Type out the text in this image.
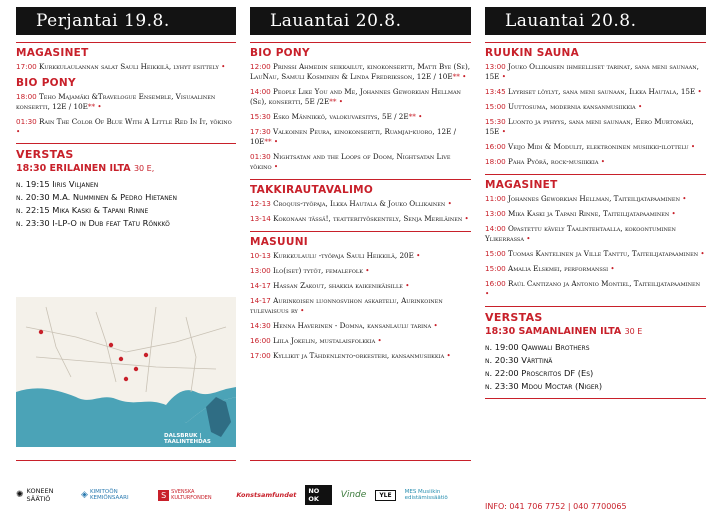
Perjantai 19.8.
MAGASINET
17:00 Kurkkulaulannan salat Sauli Heikkilä, lyhyt esittely •
BIO PONY
18:00 Teho Majamäki &Travelogue Ensemble, Visuaalinen konsertti, 12E / 10E** •
01:30 Rain The Color Of Blue With A Little Red In It, yökino •
VERSTAS
18:30 ERILAINEN ILTA 30 E,
n. 19:15 Iiris Viljanen
n. 20:30 M.A. Numminen & Pedro Hietanen
n. 22:15 Mika Kaski & Tapani Rinne
n. 23:30 I-LP-O in Dub feat Tatu Rönkkö
DALSBRUK | TAALINTEHDAS
Lauantai 20.8.
BIO PONY
12:00 Prinssi Ahmedin seikkailut, kinokonsertti, Matti Bye (Se), LauNau, Samuli Kosminen & Linda Fredriksson, 12E / 10E** •
14:00 People Like You and Me, Johannes Geworkian Hellman (Se), konsertti, 5E /2E** •
15:30 Esko Männikkö, valokuvaesitys, 5E / 2E** •
17:30 Valkoinen Peura, kinokonsertti, Ruamjai-kuoro, 12E / 10E** •
01:30 Nightsatan and the Loops of Doom, Nightsatan Live yökino •
TAKKIRAUTAVALIMO
12-13 Croquis-työpaja, Ilkka Hautala & Jouko Ollikainen •
13-14 Kokonaan tässä!, teatterityöskentely, Senja Meriläinen •
MASUUNI
10-13 Kurkkulaulu -työpaja Sauli Heikkilä, 20E •
13:00 Ilo(iset) tytöt, femalefolk •
14-17 Hassan Zakout, shakkia kaikenikäisille •
14-17 Aurinkoisen luonnosvihon askartelu, Aurinkoinen tulevaisuus ry •
14:30 Henna Haverinen - Domna, kansanlaulu tarina •
16:00 Liila Jokelin, mustalaisfolkkia •
17:00 Kyllikit ja Tähdenlento-orkesteri, kansanmusiikkia •
Lauantai 20.8.
RUUKIN SAUNA
13:00 Jouko Ollikaisen ihmeelliset tarinat, sana meni saunaan, 15E •
13:45 Lyyriset löylyt, sana meni saunaan, Ilkka Hautala, 15E •
15:00 Uuttosuma, modernia kansanmusiikkia •
15:30 Luonto ja pyhyys, sana meni saunaan, Eero Murtomäki, 15E •
16:00 Veijo Midi & Modulit, elektroninen musiikki-ilottelu •
18:00 Paha Pyörä, rock-musiikkia •
MAGASINET
11:00 Johannes Geworkian Hellman, Taiteilijatapaaminen •
13:00 Mika Kaski ja Tapani Rinne, Taiteilijatapaaminen •
14:00 Opastettu kävely Taalintehtaalla, kokoontuminen Ylikerrassa •
15:00 Tuomas Kantelinen ja Ville Tanttu, Taiteilijatapaaminen •
15:00 Amalia Elskmei, performanssi •
16:00 Raúl Cantizano ja Antonio Montiel, Taiteilijatapaaminen •
VERSTAS
18:30 SAMANLAINEN ILTA 30 E
n. 19:00 Qawwali Brothers
n. 20:30 Värttinä
n. 22:00 Proscritos DF (Es)
n. 23:30 Mdou Moctar (Niger)
INFO: 041 706 7752 | 040 7700065
✺ KONEEN SÄÄTIÖ	◈ KIMITOÖN KEMIÖNSAARI	S	SVENSKA KULTURFONDEN	Konstsamfundet	NO OK	Vinde	YLE	MES Musiikin edistämissäätiö
